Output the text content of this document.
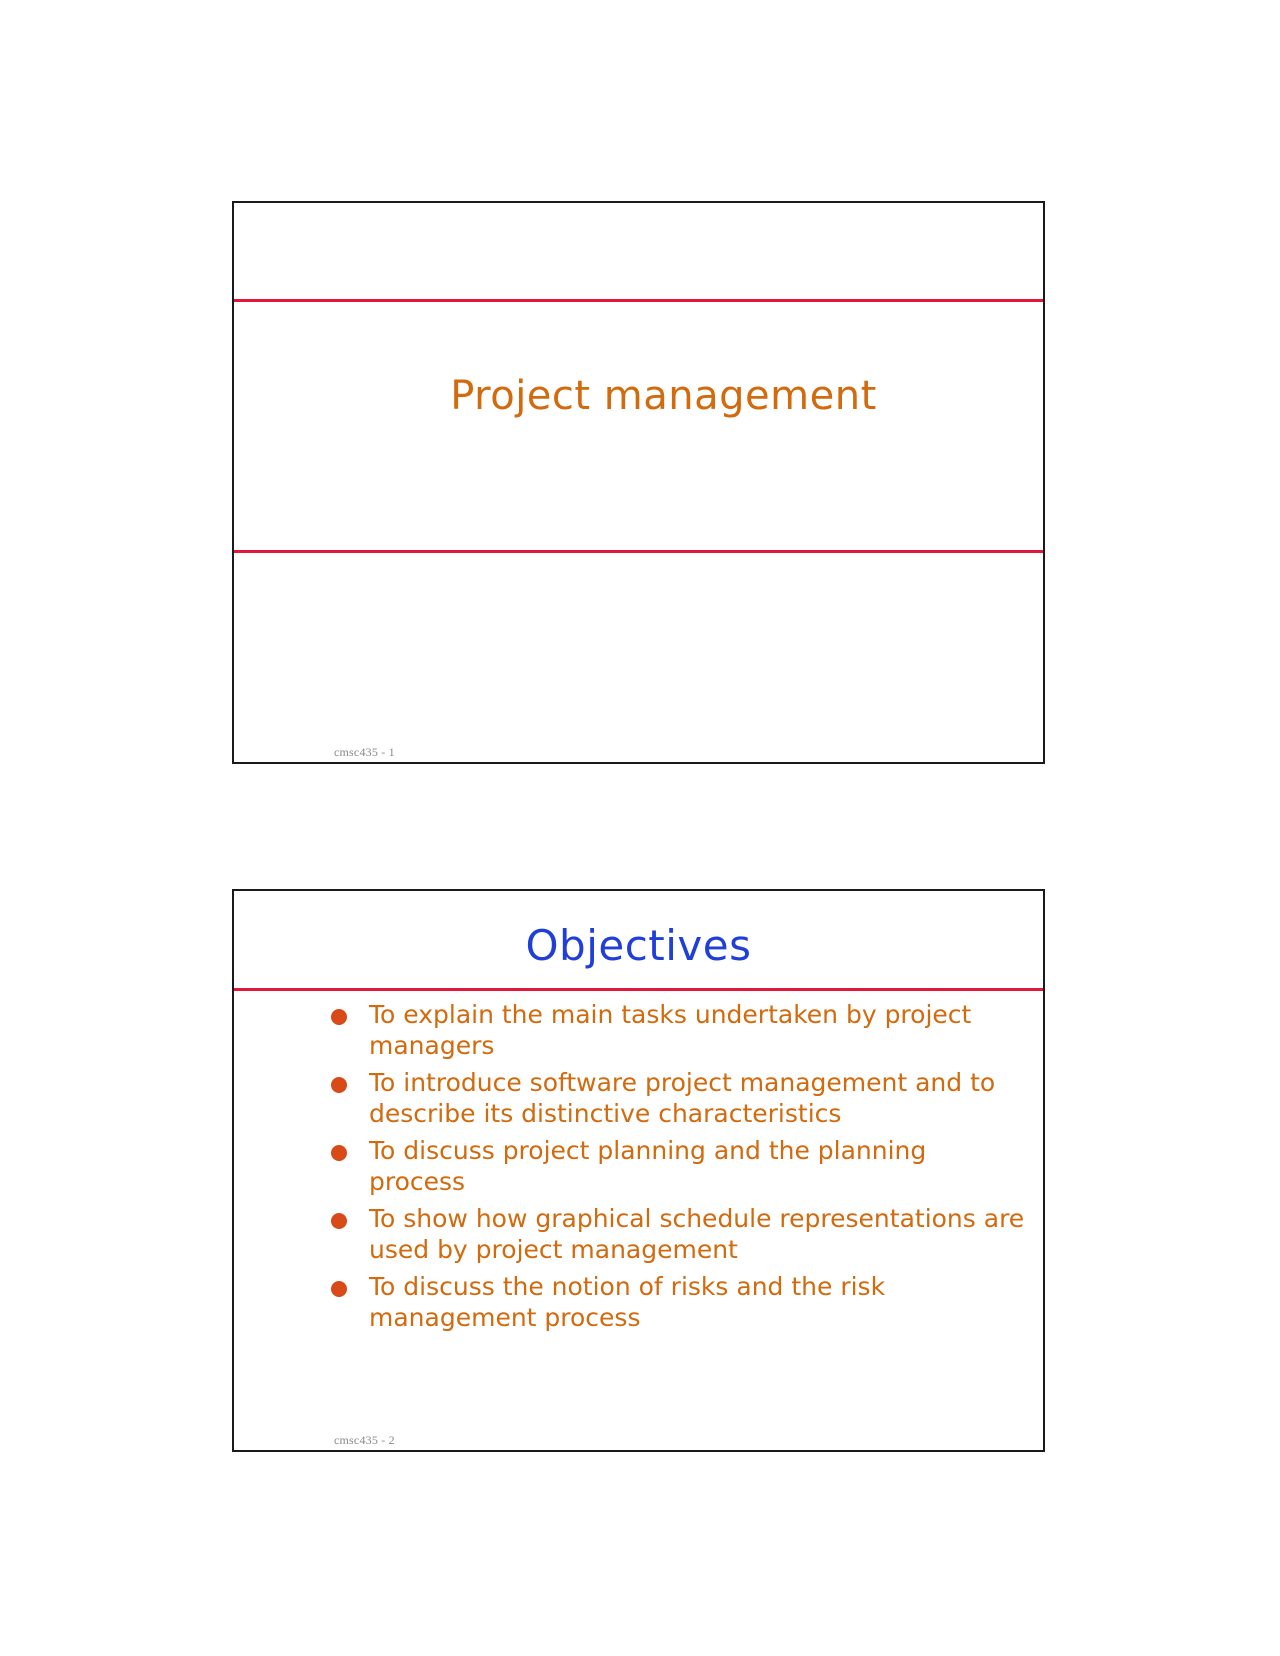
Project management
cmsc435 - 1
Objectives
To explain the main tasks undertaken by project managers
To introduce software project management and to describe its distinctive characteristics
To discuss project planning and the planning process
To show how graphical schedule representations are used by project management
To discuss the notion of risks and the risk management process
cmsc435 - 2
